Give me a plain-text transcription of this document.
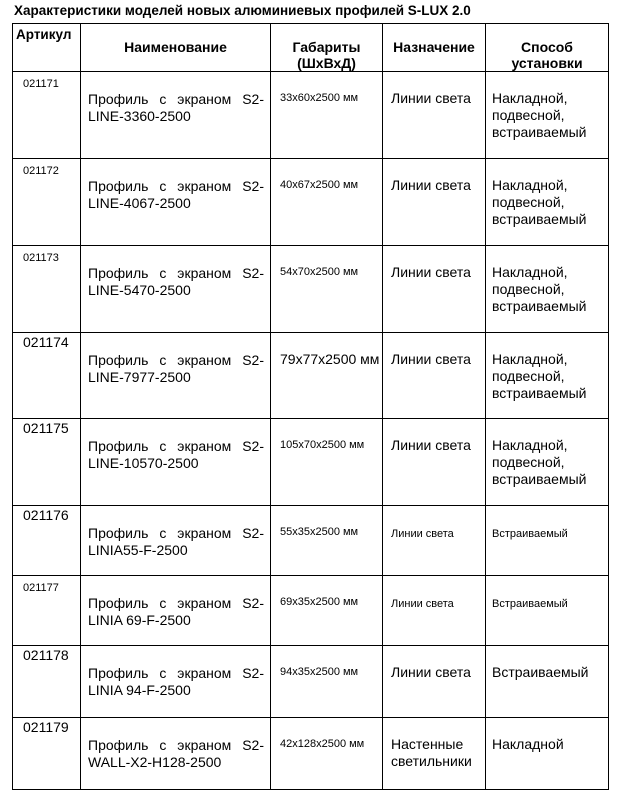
Характеристики моделей новых алюминиевых профилей S-LUX 2.0
Артикул	Наименование	Габариты (ШхВхД)	Назначение	Способ установки
021171	Профиль с экраном S2-LINE-3360-2500	33x60x2500 мм	Линии света	Накладной, подвесной, встраиваемый
021172	Профиль с экраном S2-LINE-4067-2500	40x67x2500 мм	Линии света	Накладной, подвесной, встраиваемый
021173	Профиль с экраном S2-LINE-5470-2500	54x70x2500 мм	Линии света	Накладной, подвесной, встраиваемый
021174	Профиль с экраном S2-LINE-7977-2500	79x77x2500 мм	Линии света	Накладной, подвесной, встраиваемый
021175	Профиль с экраном S2-LINE-10570-2500	105x70x2500 мм	Линии света	Накладной, подвесной, встраиваемый
021176	Профиль с экраном S2-LINIA55-F-2500	55x35x2500 мм	Линии света	Встраиваемый
021177	Профиль с экраном S2-LINIA 69-F-2500	69x35x2500 мм	Линии света	Встраиваемый
021178	Профиль с экраном S2-LINIA 94-F-2500	94x35x2500 мм	Линии света	Встраиваемый
021179	Профиль с экраном S2-WALL-X2-H128-2500	42x128x2500 мм	Настенные светильники	Накладной
